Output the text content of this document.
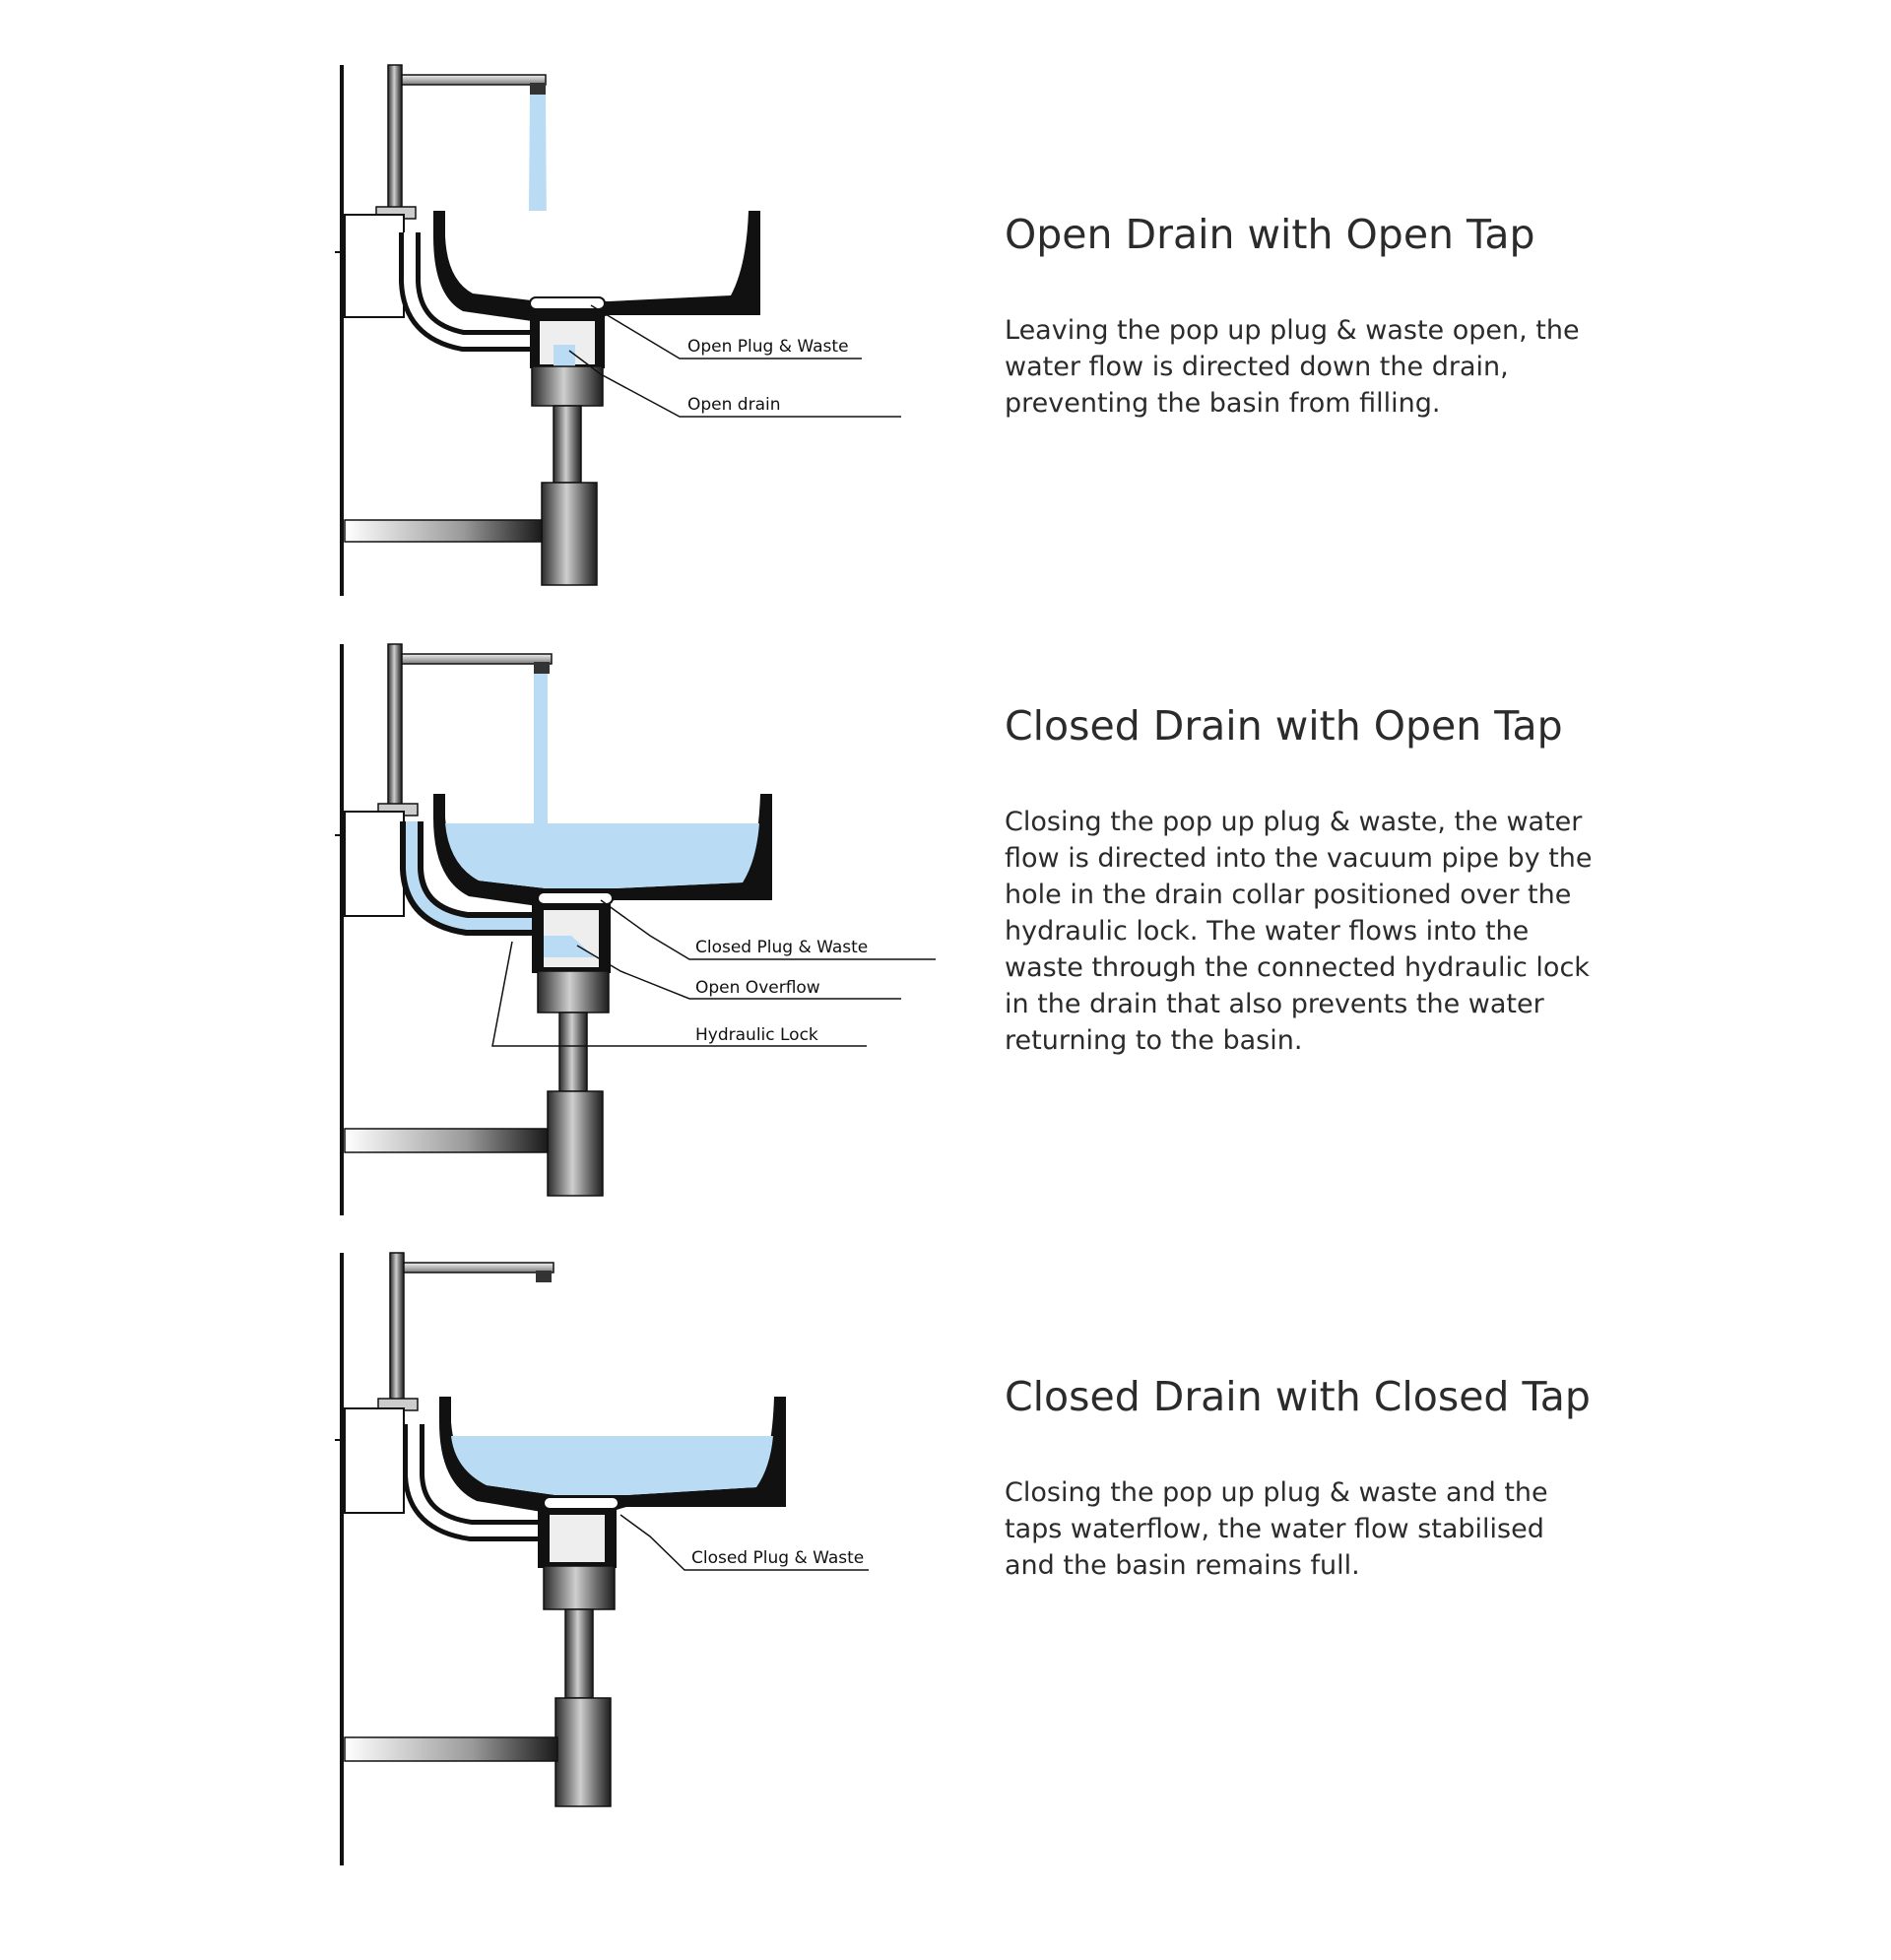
Open Plug & Waste
Open drain
Open Drain with Open Tap

Leaving the pop up plug & waste open, the water flow is directed down the drain, preventing the basin from filling.

Closed Plug & Waste
Open Overflow
Hydraulic Lock
Closed Drain with Open Tap

Closing the pop up plug & waste, the water flow is directed into the vacuum pipe by the hole in the drain collar positioned over the hydraulic lock. The water flows into the waste through the connected hydraulic lock in the drain that also prevents the water returning to the basin.

Closed Plug & Waste
Closed Drain with Closed Tap

Closing the pop up plug & waste and the taps waterflow, the water flow stabilised and the basin remains full.
